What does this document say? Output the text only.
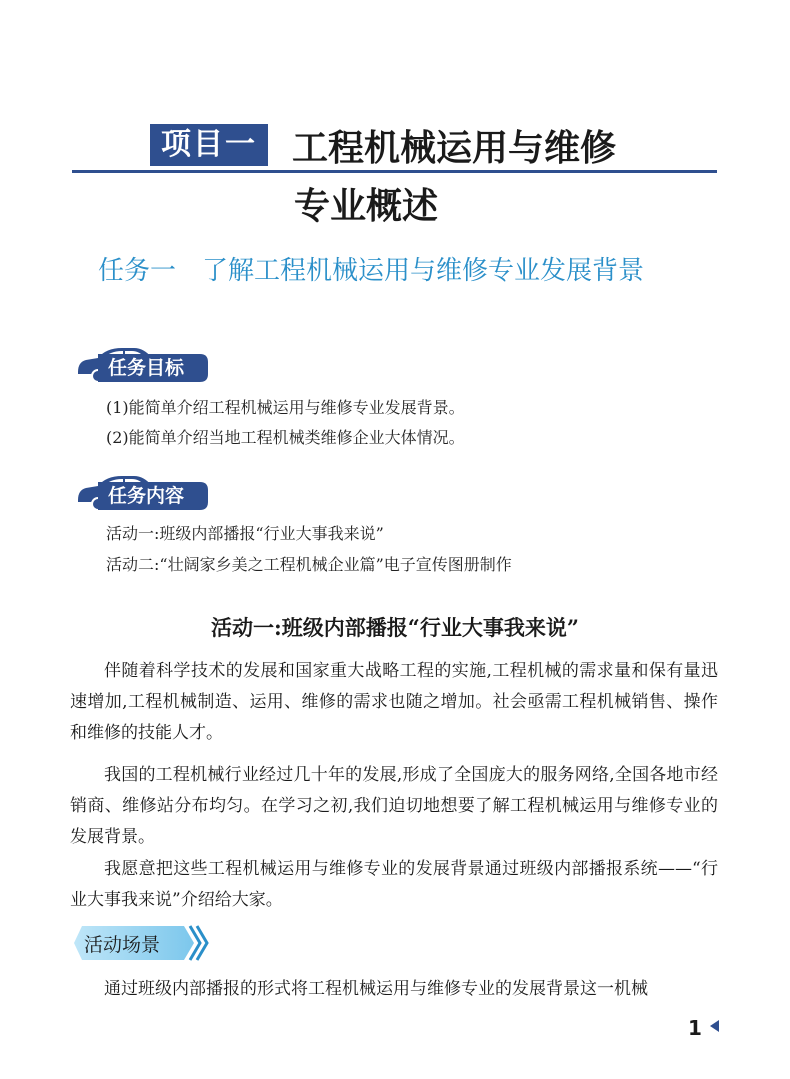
项目一 工程机械运用与维修
专业概述
任务一　了解工程机械运用与维修专业发展背景
任务目标
(1)能简单介绍工程机械运用与维修专业发展背景。
(2)能简单介绍当地工程机械类维修企业大体情况。
任务内容
活动一:班级内部播报“行业大事我来说”
活动二:“壮阔家乡美之工程机械企业篇”电子宣传图册制作
活动一:班级内部播报“行业大事我来说”

伴随着科学技术的发展和国家重大战略工程的实施,工程机械的需求量和保有量迅速增加,工程机械制造、运用、维修的需求也随之增加。社会亟需工程机械销售、操作和维修的技能人才。

我国的工程机械行业经过几十年的发展,形成了全国庞大的服务网络,全国各地市经销商、维修站分布均匀。在学习之初,我们迫切地想要了解工程机械运用与维修专业的发展背景。

我愿意把这些工程机械运用与维修专业的发展背景通过班级内部播报系统——“行业大事我来说”介绍给大家。

活动场景

通过班级内部播报的形式将工程机械运用与维修专业的发展背景这一机械

1
